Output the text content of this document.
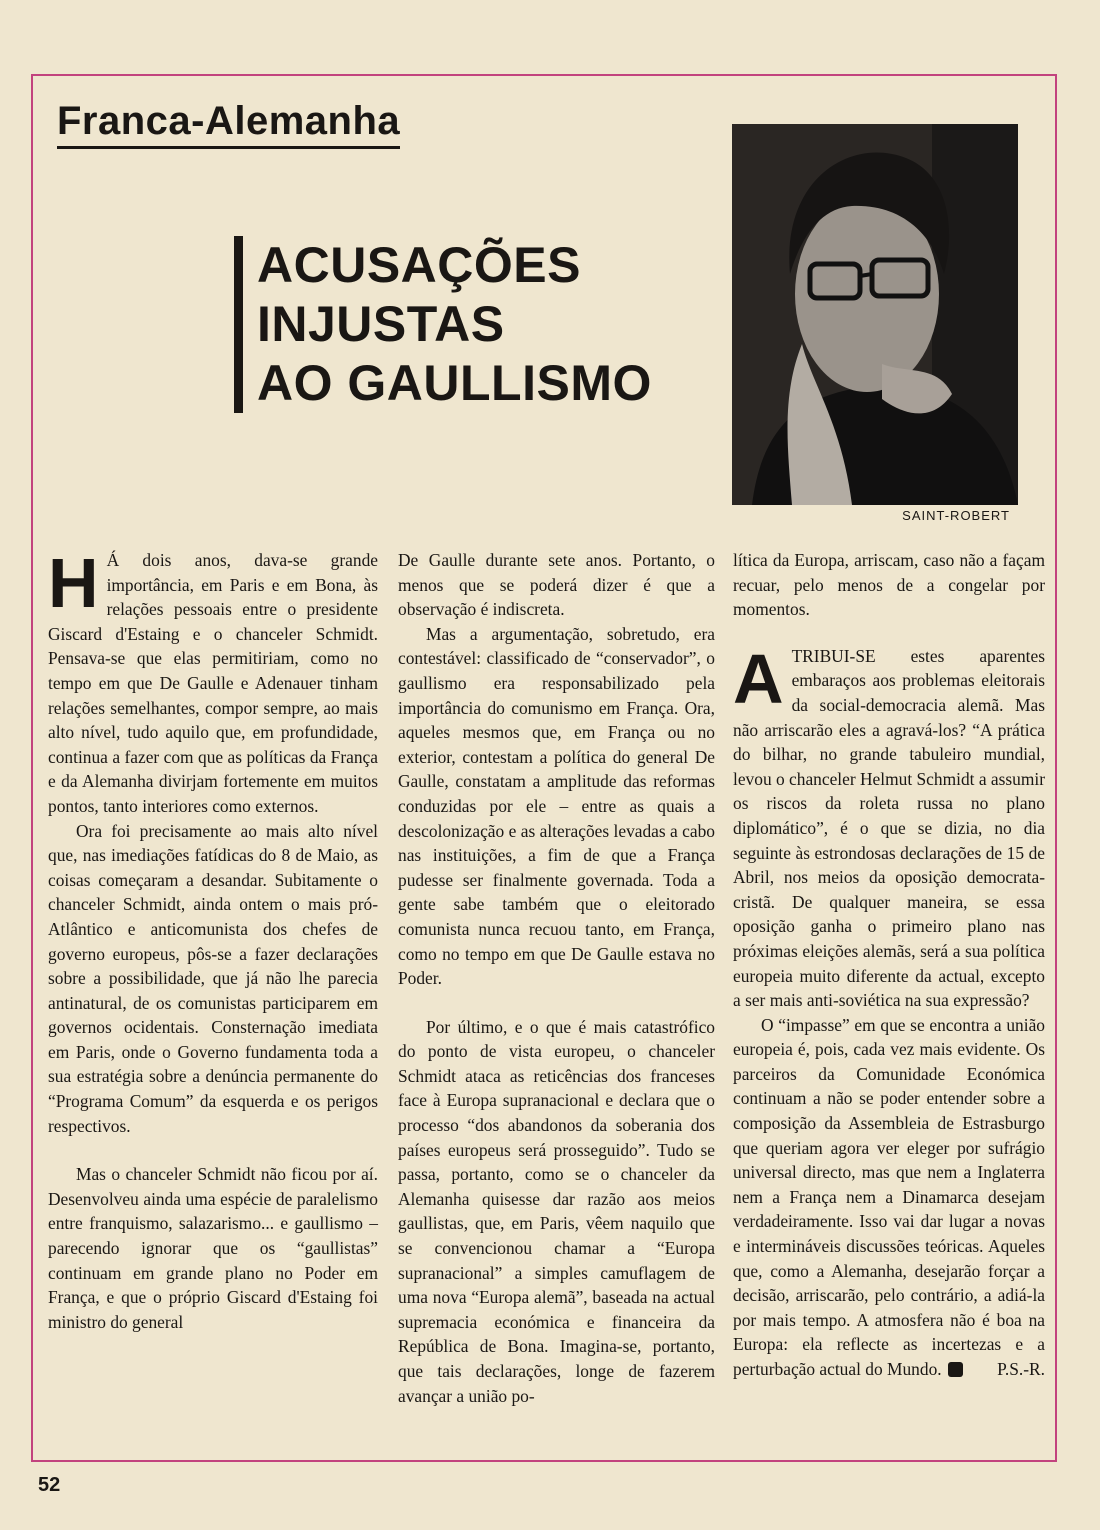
Franca-Alemanha
ACUSAÇÕES
INJUSTAS
AO GAULLISMO
SAINT-ROBERT

H Á dois anos, dava-se grande importância, em Paris e em Bona, às relações pessoais entre o presidente Giscard d'Estaing e o chanceler Schmidt. Pensava-se que elas permitiriam, como no tempo em que De Gaulle e Adenauer tinham relações semelhantes, compor sempre, ao mais alto nível, tudo aquilo que, em profundidade, continua a fazer com que as políticas da França e da Alemanha divirjam fortemente em muitos pontos, tanto interiores como externos.

Ora foi precisamente ao mais alto nível que, nas imediações fatídicas do 8 de Maio, as coisas começaram a desandar. Subitamente o chanceler Schmidt, ainda ontem o mais pró-Atlântico e anticomunista dos chefes de governo europeus, pôs-se a fazer declarações sobre a possibilidade, que já não lhe parecia antinatural, de os comunistas participarem em governos ocidentais. Consternação imediata em Paris, onde o Governo fundamenta toda a sua estratégia sobre a denúncia permanente do “Programa Comum” da esquerda e os perigos respectivos.

Mas o chanceler Schmidt não ficou por aí. Desenvolveu ainda uma espécie de paralelismo entre franquismo, salazarismo... e gaullismo – parecendo ignorar que os “gaullistas” continuam em grande plano no Poder em França, e que o próprio Giscard d'Estaing foi ministro do general

De Gaulle durante sete anos. Portanto, o menos que se poderá dizer é que a observação é indiscreta.

Mas a argumentação, sobretudo, era contestável: classificado de “conservador”, o gaullismo era responsabilizado pela importância do comunismo em França. Ora, aqueles mesmos que, em França ou no exterior, contestam a política do general De Gaulle, constatam a amplitude das reformas conduzidas por ele – entre as quais a descolonização e as alterações levadas a cabo nas instituições, a fim de que a França pudesse ser finalmente governada. Toda a gente sabe também que o eleitorado comunista nunca recuou tanto, em França, como no tempo em que De Gaulle estava no Poder.

Por último, e o que é mais catastrófico do ponto de vista europeu, o chanceler Schmidt ataca as reticências dos franceses face à Europa supranacional e declara que o processo “dos abandonos da soberania dos países europeus será prosseguido”. Tudo se passa, portanto, como se o chanceler da Alemanha quisesse dar razão aos meios gaullistas, que, em Paris, vêem naquilo que se convencionou chamar a “Europa supranacional” a simples camuflagem de uma nova “Europa alemã”, baseada na actual supremacia económica e financeira da República de Bona. Imagina-se, portanto, que tais declarações, longe de fazerem avançar a união po-

lítica da Europa, arriscam, caso não a façam recuar, pelo menos de a congelar por momentos.

ATRIBUI-SE estes aparentes embaraços aos problemas eleitorais da social-democracia alemã. Mas não arriscarão eles a agravá-los? “A prática do bilhar, no grande tabuleiro mundial, levou o chanceler Helmut Schmidt a assumir os riscos da roleta russa no plano diplomático”, é o que se dizia, no dia seguinte às estrondosas declarações de 15 de Abril, nos meios da oposição democrata-cristã. De qualquer maneira, se essa oposição ganha o primeiro plano nas próximas eleições alemãs, será a sua política europeia muito diferente da actual, excepto a ser mais anti-soviética na sua expressão?

O “impasse” em que se encontra a união europeia é, pois, cada vez mais evidente. Os parceiros da Comunidade Económica continuam a não se poder entender sobre a composição da Assembleia de Estrasburgo que queriam agora ver eleger por sufrágio universal directo, mas que nem a Inglaterra nem a França nem a Dinamarca desejam verdadeiramente. Isso vai dar lugar a novas e intermináveis discussões teóricas. Aqueles que, como a Alemanha, desejarão forçar a decisão, arriscarão, pelo contrário, a adiá-la por mais tempo. A atmosfera não é boa na Europa: ela reflecte as incertezas e a perturbação actual do Mundo.	P.S.-R.

52
